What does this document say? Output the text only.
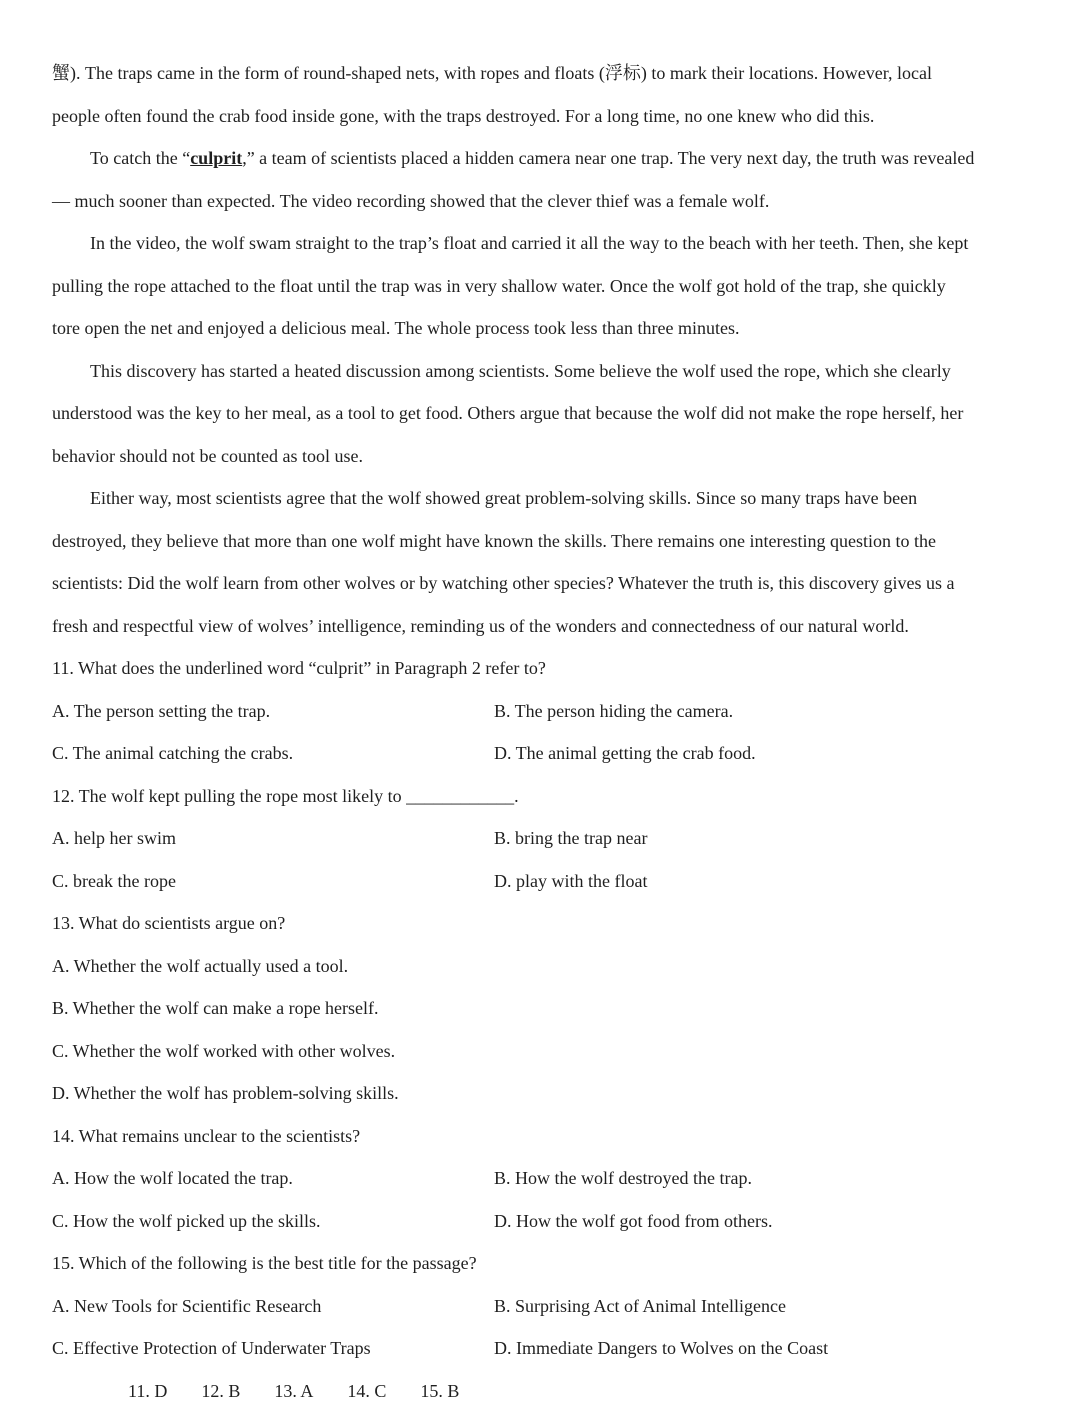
蟹). The traps came in the form of round-shaped nets, with ropes and floats (浮标) to mark their locations. However, local
people often found the crab food inside gone, with the traps destroyed. For a long time, no one knew who did this.
To catch the “culprit,” a team of scientists placed a hidden camera near one trap. The very next day, the truth was revealed
— much sooner than expected. The video recording showed that the clever thief was a female wolf.
In the video, the wolf swam straight to the trap’s float and carried it all the way to the beach with her teeth. Then, she kept
pulling the rope attached to the float until the trap was in very shallow water. Once the wolf got hold of the trap, she quickly
tore open the net and enjoyed a delicious meal. The whole process took less than three minutes.
This discovery has started a heated discussion among scientists. Some believe the wolf used the rope, which she clearly
understood was the key to her meal, as a tool to get food. Others argue that because the wolf did not make the rope herself, her
behavior should not be counted as tool use.
Either way, most scientists agree that the wolf showed great problem-solving skills. Since so many traps have been
destroyed, they believe that more than one wolf might have known the skills. There remains one interesting question to the
scientists: Did the wolf learn from other wolves or by watching other species? Whatever the truth is, this discovery gives us a
fresh and respectful view of wolves’ intelligence, reminding us of the wonders and connectedness of our natural world.
11. What does the underlined word “culprit” in Paragraph 2 refer to?
A. The person setting the trap.	B. The person hiding the camera.
C. The animal catching the crabs.	D. The animal getting the crab food.
12. The wolf kept pulling the rope most likely to ____________.
A. help her swim	B. bring the trap near
C. break the rope	D. play with the float
13. What do scientists argue on?
A. Whether the wolf actually used a tool.
B. Whether the wolf can make a rope herself.
C. Whether the wolf worked with other wolves.
D. Whether the wolf has problem-solving skills.
14. What remains unclear to the scientists?
A. How the wolf located the trap.	B. How the wolf destroyed the trap.
C. How the wolf picked up the skills.	D. How the wolf got food from others.
15. Which of the following is the best title for the passage?
A. New Tools for Scientific Research	B. Surprising Act of Animal Intelligence
C. Effective Protection of Underwater Traps	D. Immediate Dangers to Wolves on the Coast
11. D 12. B 13. A 14. C 15. B
